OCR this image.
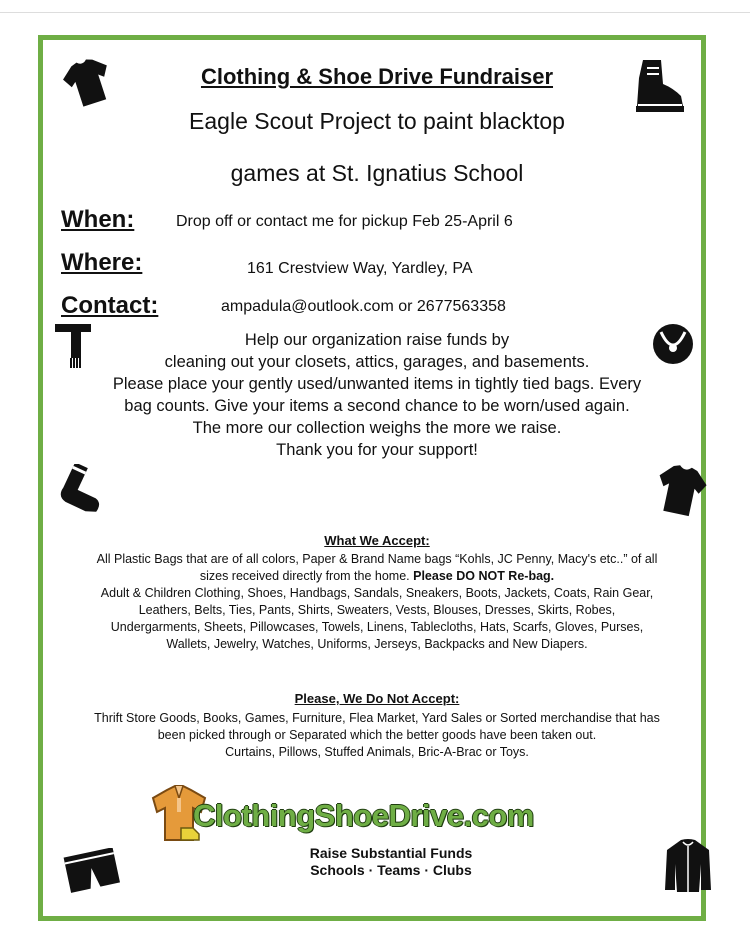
Clothing & Shoe Drive Fundraiser
Eagle Scout Project to paint blacktop
games at St. Ignatius School
When:	Drop off or contact me for pickup Feb 25-April 6
Where:	161 Crestview Way, Yardley, PA
Contact:	ampadula@outlook.com or 2677563358
Help our organization raise funds by
cleaning out your closets, attics, garages, and basements.
Please place your gently used/unwanted items in tightly tied bags. Every
bag counts. Give your items a second chance to be worn/used again.
The more our collection weighs the more we raise.
Thank you for your support!
What We Accept:
All Plastic Bags that are of all colors, Paper & Brand Name bags “Kohls, JC Penny, Macy's etc..” of all
sizes received directly from the home. Please DO NOT Re-bag.
Adult & Children Clothing, Shoes, Handbags, Sandals, Sneakers, Boots, Jackets, Coats, Rain Gear,
Leathers, Belts, Ties, Pants, Shirts, Sweaters, Vests, Blouses, Dresses, Skirts, Robes,
Undergarments, Sheets, Pillowcases, Towels, Linens, Tablecloths, Hats, Scarfs, Gloves, Purses,
Wallets, Jewelry, Watches, Uniforms, Jerseys, Backpacks and New Diapers.
Please, We Do Not Accept:
Thrift Store Goods, Books, Games, Furniture, Flea Market, Yard Sales or Sorted merchandise that has
been picked through or Separated which the better goods have been taken out.
Curtains, Pillows, Stuffed Animals, Bric-A-Brac or Toys.
ClothingShoeDrive.com
Raise Substantial Funds
Schools · Teams · Clubs
